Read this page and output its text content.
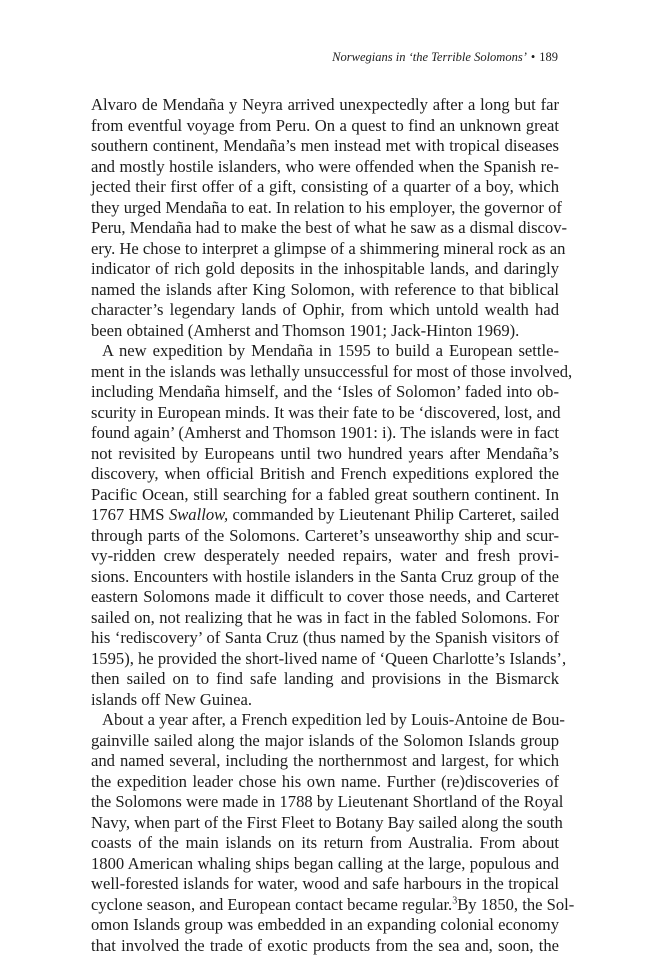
Norwegians in ‘the Terrible Solomons’ • 189
Alvaro de Mendaña y Neyra arrived unexpectedly after a long but far
from eventful voyage from Peru. On a quest to find an unknown great
southern continent, Mendaña’s men instead met with tropical diseases
and mostly hostile islanders, who were offended when the Spanish re-
jected their first offer of a gift, consisting of a quarter of a boy, which
they urged Mendaña to eat. In relation to his employer, the governor of
Peru, Mendaña had to make the best of what he saw as a dismal discov-
ery. He chose to interpret a glimpse of a shimmering mineral rock as an
indicator of rich gold deposits in the inhospitable lands, and daringly
named the islands after King Solomon, with reference to that biblical
character’s legendary lands of Ophir, from which untold wealth had
been obtained (Amherst and Thomson 1901; Jack-Hinton 1969).
A new expedition by Mendaña in 1595 to build a European settle-
ment in the islands was lethally unsuccessful for most of those involved,
including Mendaña himself, and the ‘Isles of Solomon’ faded into ob-
scurity in European minds. It was their fate to be ‘discovered, lost, and
found again’ (Amherst and Thomson 1901: i). The islands were in fact
not revisited by Europeans until two hundred years after Mendaña’s
discovery, when official British and French expeditions explored the
Pacific Ocean, still searching for a fabled great southern continent. In
1767 HMS Swallow, commanded by Lieutenant Philip Carteret, sailed
through parts of the Solomons. Carteret’s unseaworthy ship and scur-
vy-ridden crew desperately needed repairs, water and fresh provi-
sions. Encounters with hostile islanders in the Santa Cruz group of the
eastern Solomons made it difficult to cover those needs, and Carteret
sailed on, not realizing that he was in fact in the fabled Solomons. For
his ‘rediscovery’ of Santa Cruz (thus named by the Spanish visitors of
1595), he provided the short-lived name of ‘Queen Charlotte’s Islands’,
then sailed on to find safe landing and provisions in the Bismarck
islands off New Guinea.
About a year after, a French expedition led by Louis-Antoine de Bou-
gainville sailed along the major islands of the Solomon Islands group
and named several, including the northernmost and largest, for which
the expedition leader chose his own name. Further (re)discoveries of
the Solomons were made in 1788 by Lieutenant Shortland of the Royal
Navy, when part of the First Fleet to Botany Bay sailed along the south
coasts of the main islands on its return from Australia. From about
1800 American whaling ships began calling at the large, populous and
well-forested islands for water, wood and safe harbours in the tropical
cyclone season, and European contact became regular.$^3$By 1850, the Sol-
omon Islands group was embedded in an expanding colonial economy
that involved the trade of exotic products from the sea and, soon, the
